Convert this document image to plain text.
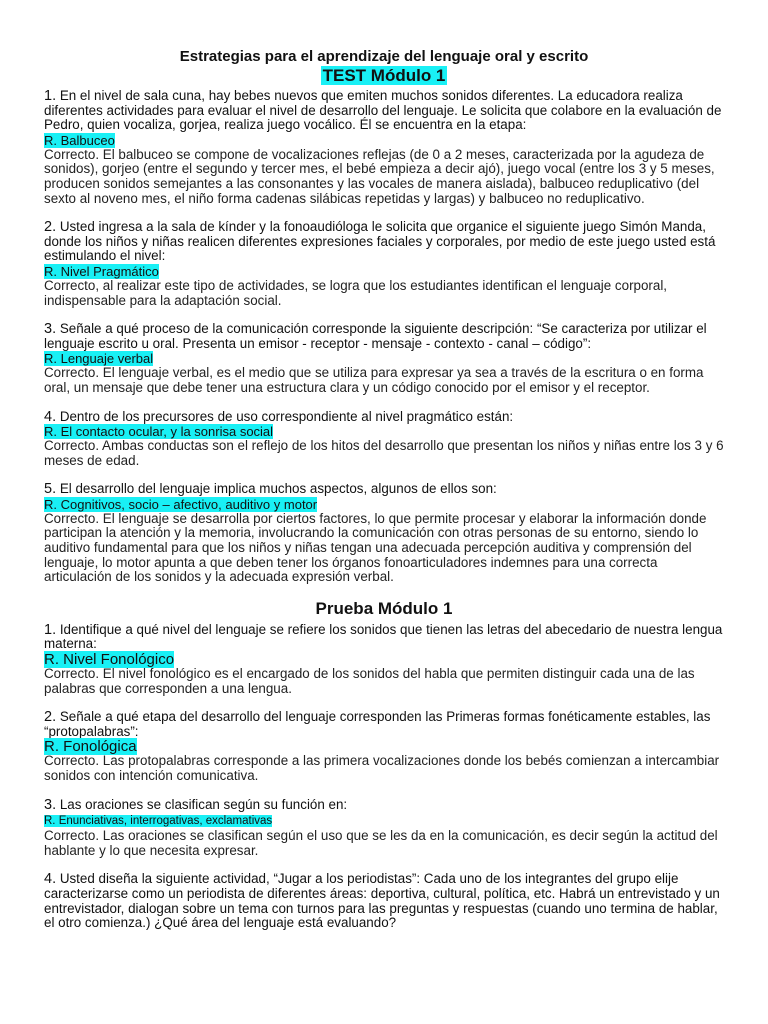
Estrategias para el aprendizaje del lenguaje oral y escrito

TEST Módulo 1

1. En el nivel de sala cuna, hay bebes nuevos que emiten muchos sonidos diferentes. La educadora realiza diferentes actividades para evaluar el nivel de desarrollo del lenguaje. Le solicita que colabore en la evaluación de Pedro, quien vocaliza, gorjea, realiza juego vocálico. Él se encuentra en la etapa:

R. Balbuceo

Correcto. El balbuceo se compone de vocalizaciones reflejas (de 0 a 2 meses, caracterizada por la agudeza de sonidos), gorjeo (entre el segundo y tercer mes, el bebé empieza a decir ajó), juego vocal (entre los 3 y 5 meses, producen sonidos semejantes a las consonantes y las vocales de manera aislada), balbuceo reduplicativo (del sexto al noveno mes, el niño forma cadenas silábicas repetidas y largas) y balbuceo no reduplicativo.

2. Usted ingresa a la sala de kínder y la fonoaudióloga le solicita que organice el siguiente juego Simón Manda, donde los niños y niñas realicen diferentes expresiones faciales y corporales, por medio de este juego usted está estimulando el nivel:

R. Nivel Pragmático

Correcto, al realizar este tipo de actividades, se logra que los estudiantes identifican el lenguaje corporal, indispensable para la adaptación social.

3. Señale a qué proceso de la comunicación corresponde la siguiente descripción: “Se caracteriza por utilizar el lenguaje escrito u oral. Presenta un emisor - receptor - mensaje - contexto - canal – código”:

R. Lenguaje verbal

Correcto. El lenguaje verbal, es el medio que se utiliza para expresar ya sea a través de la escritura o en forma oral, un mensaje que debe tener una estructura clara y un código conocido por el emisor y el receptor.

4. Dentro de los precursores de uso correspondiente al nivel pragmático están:

R. El contacto ocular, y la sonrisa social

Correcto. Ambas conductas son el reflejo de los hitos del desarrollo que presentan los niños y niñas entre los 3 y 6 meses de edad.

5. El desarrollo del lenguaje implica muchos aspectos, algunos de ellos son:

R. Cognitivos, socio – afectivo, auditivo y motor

Correcto. El lenguaje se desarrolla por ciertos factores, lo que permite procesar y elaborar la información donde participan la atención y la memoria, involucrando la comunicación con otras personas de su entorno, siendo lo auditivo fundamental para que los niños y niñas tengan una adecuada percepción auditiva y comprensión del lenguaje, lo motor apunta a que deben tener los órganos fonoarticuladores indemnes para una correcta articulación de los sonidos y la adecuada expresión verbal.

Prueba Módulo 1

1. Identifique a qué nivel del lenguaje se refiere los sonidos que tienen las letras del abecedario de nuestra lengua materna:

R. Nivel Fonológico

Correcto. El nivel fonológico es el encargado de los sonidos del habla que permiten distinguir cada una de las palabras que corresponden a una lengua.

2. Señale a qué etapa del desarrollo del lenguaje corresponden las Primeras formas fonéticamente estables, las “protopalabras”:

R. Fonológica

Correcto. Las protopalabras corresponde a las primera vocalizaciones donde los bebés comienzan a intercambiar sonidos con intención comunicativa.

3. Las oraciones se clasifican según su función en:

R. Enunciativas, interrogativas, exclamativas

Correcto. Las oraciones se clasifican según el uso que se les da en la comunicación, es decir según la actitud del hablante y lo que necesita expresar.

4. Usted diseña la siguiente actividad, “Jugar a los periodistas”: Cada uno de los integrantes del grupo elije caracterizarse como un periodista de diferentes áreas: deportiva, cultural, política, etc. Habrá un entrevistado y un entrevistador, dialogan sobre un tema con turnos para las preguntas y respuestas (cuando uno termina de hablar, el otro comienza.) ¿Qué área del lenguaje está evaluando?
